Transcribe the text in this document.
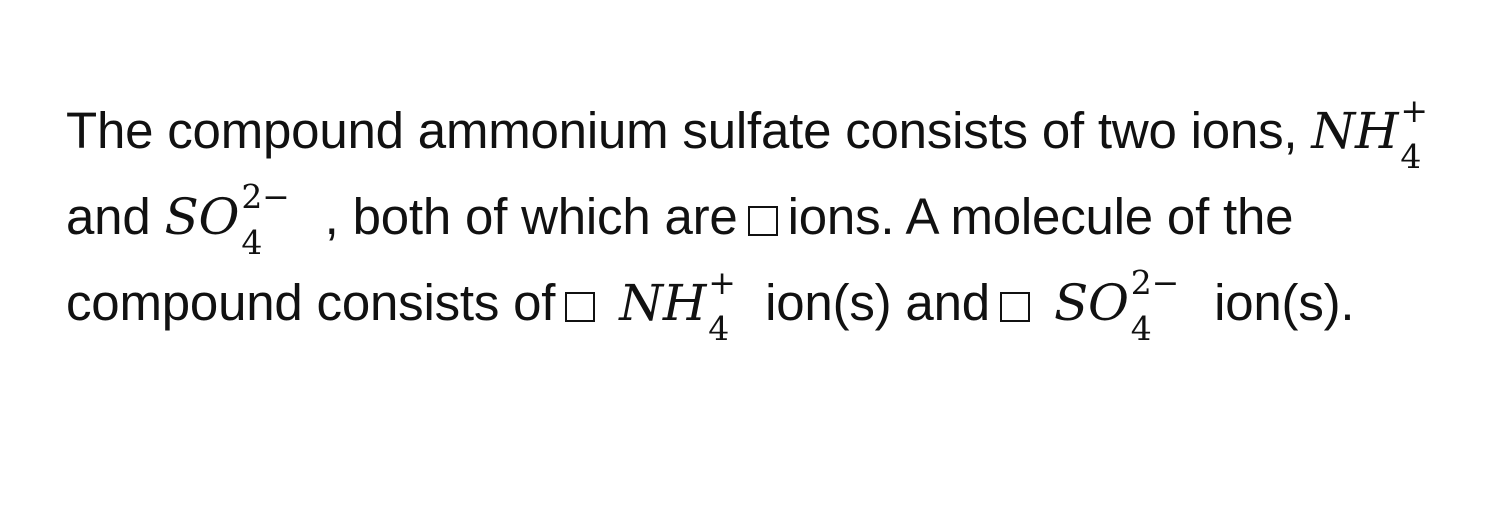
The compound ammonium sulfate consists of two ions, NH +
4
and SO 2−
4 , both of which are ions. A molecule of the compound consists of NH +
4 ion(s) and SO 2−
4 ion(s).
